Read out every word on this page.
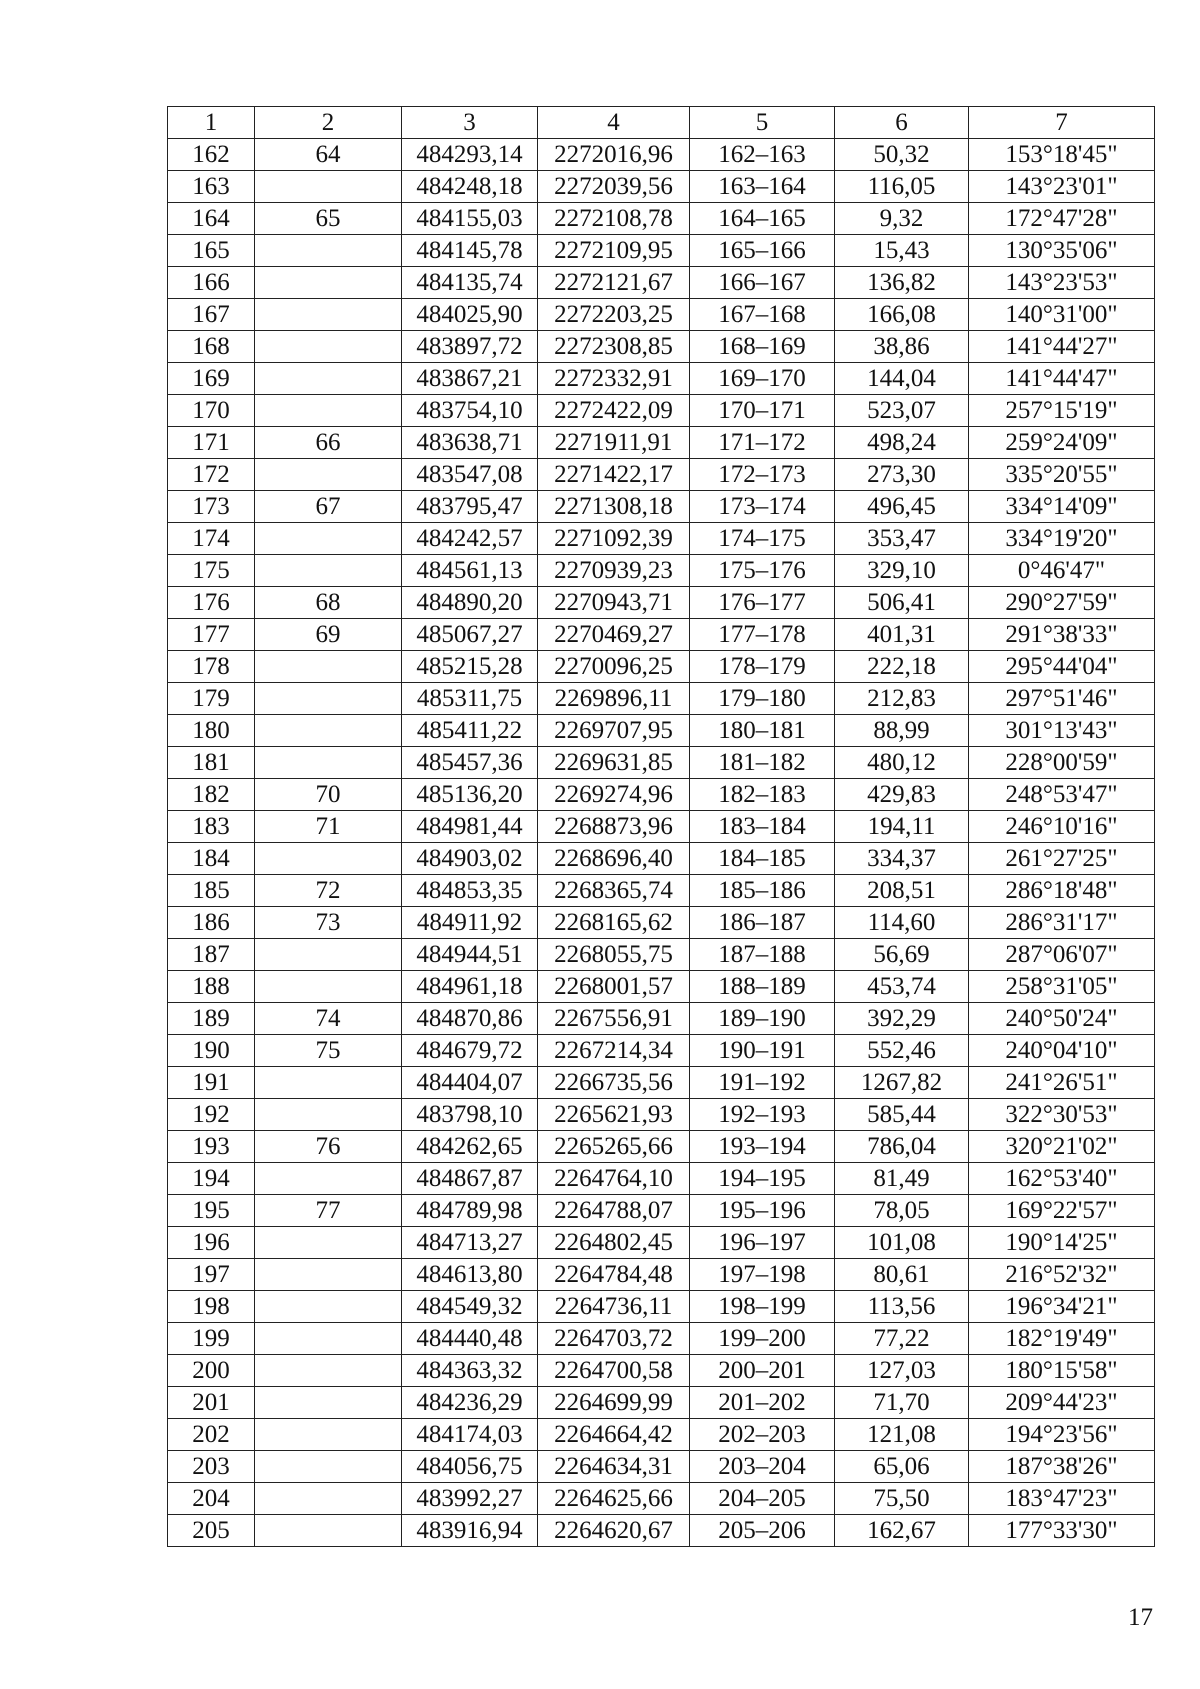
1	2	3	4	5	6	7
162	64	484293,14	2272016,96	162–163	50,32	153°18'45"
163		484248,18	2272039,56	163–164	116,05	143°23'01"
164	65	484155,03	2272108,78	164–165	9,32	172°47'28"
165		484145,78	2272109,95	165–166	15,43	130°35'06"
166		484135,74	2272121,67	166–167	136,82	143°23'53"
167		484025,90	2272203,25	167–168	166,08	140°31'00"
168		483897,72	2272308,85	168–169	38,86	141°44'27"
169		483867,21	2272332,91	169–170	144,04	141°44'47"
170		483754,10	2272422,09	170–171	523,07	257°15'19"
171	66	483638,71	2271911,91	171–172	498,24	259°24'09"
172		483547,08	2271422,17	172–173	273,30	335°20'55"
173	67	483795,47	2271308,18	173–174	496,45	334°14'09"
174		484242,57	2271092,39	174–175	353,47	334°19'20"
175		484561,13	2270939,23	175–176	329,10	0°46'47"
176	68	484890,20	2270943,71	176–177	506,41	290°27'59"
177	69	485067,27	2270469,27	177–178	401,31	291°38'33"
178		485215,28	2270096,25	178–179	222,18	295°44'04"
179		485311,75	2269896,11	179–180	212,83	297°51'46"
180		485411,22	2269707,95	180–181	88,99	301°13'43"
181		485457,36	2269631,85	181–182	480,12	228°00'59"
182	70	485136,20	2269274,96	182–183	429,83	248°53'47"
183	71	484981,44	2268873,96	183–184	194,11	246°10'16"
184		484903,02	2268696,40	184–185	334,37	261°27'25"
185	72	484853,35	2268365,74	185–186	208,51	286°18'48"
186	73	484911,92	2268165,62	186–187	114,60	286°31'17"
187		484944,51	2268055,75	187–188	56,69	287°06'07"
188		484961,18	2268001,57	188–189	453,74	258°31'05"
189	74	484870,86	2267556,91	189–190	392,29	240°50'24"
190	75	484679,72	2267214,34	190–191	552,46	240°04'10"
191		484404,07	2266735,56	191–192	1267,82	241°26'51"
192		483798,10	2265621,93	192–193	585,44	322°30'53"
193	76	484262,65	2265265,66	193–194	786,04	320°21'02"
194		484867,87	2264764,10	194–195	81,49	162°53'40"
195	77	484789,98	2264788,07	195–196	78,05	169°22'57"
196		484713,27	2264802,45	196–197	101,08	190°14'25"
197		484613,80	2264784,48	197–198	80,61	216°52'32"
198		484549,32	2264736,11	198–199	113,56	196°34'21"
199		484440,48	2264703,72	199–200	77,22	182°19'49"
200		484363,32	2264700,58	200–201	127,03	180°15'58"
201		484236,29	2264699,99	201–202	71,70	209°44'23"
202		484174,03	2264664,42	202–203	121,08	194°23'56"
203		484056,75	2264634,31	203–204	65,06	187°38'26"
204		483992,27	2264625,66	204–205	75,50	183°47'23"
205		483916,94	2264620,67	205–206	162,67	177°33'30"
17
